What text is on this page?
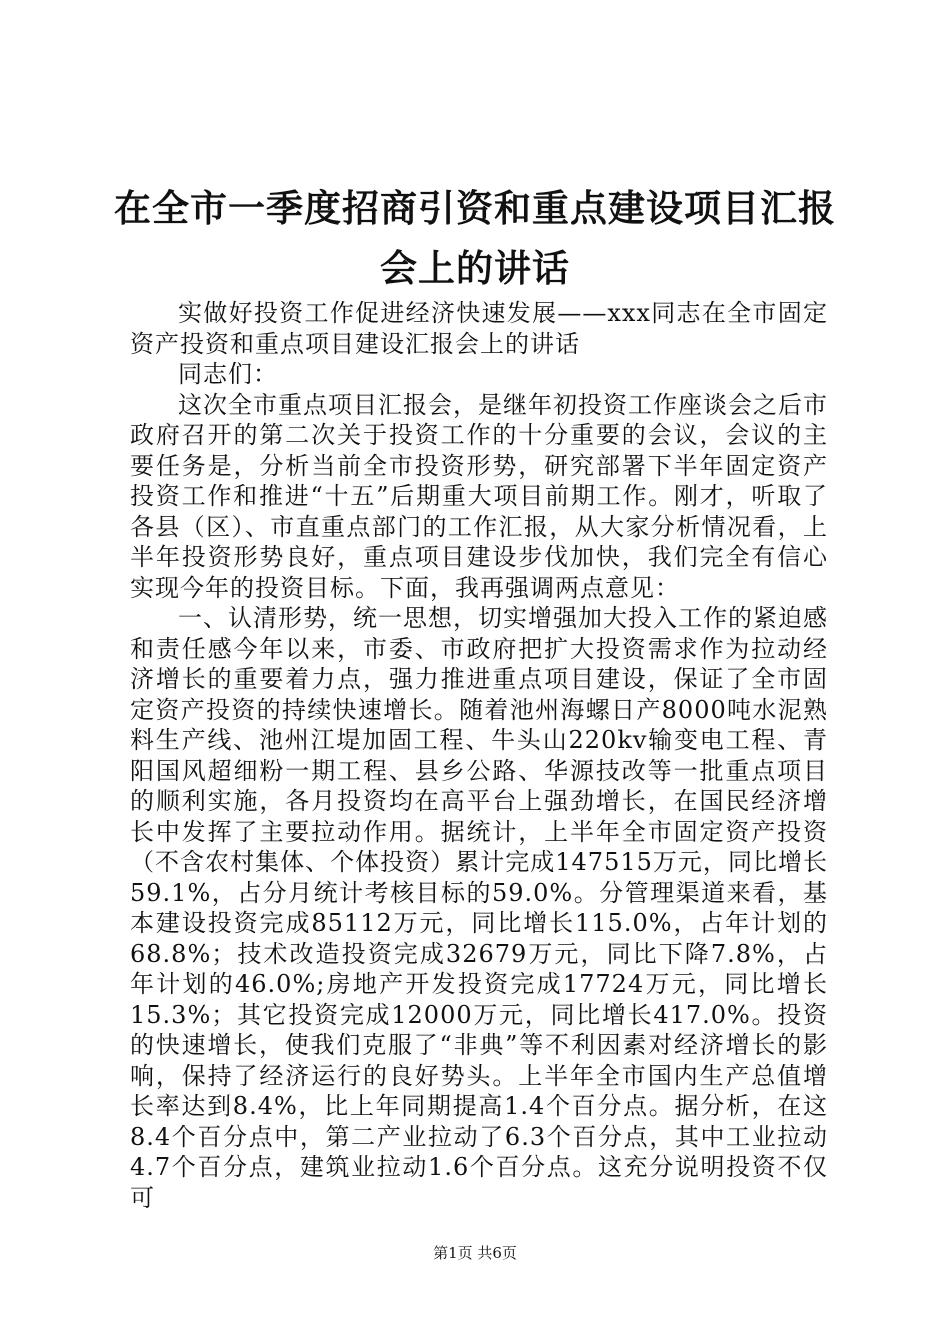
在全市一季度招商引资和重点建设项目汇报会上的讲话

实做好投资工作促进经济快速发展——xxx同志在全市固定资产投资和重点项目建设汇报会上的讲话

同志们：

这次全市重点项目汇报会，是继年初投资工作座谈会之后市政府召开的第二次关于投资工作的十分重要的会议，会议的主要任务是，分析当前全市投资形势，研究部署下半年固定资产投资工作和推进“十五”后期重大项目前期工作。刚才，听取了各县（区）、市直重点部门的工作汇报，从大家分析情况看，上半年投资形势良好，重点项目建设步伐加快，我们完全有信心实现今年的投资目标。下面，我再强调两点意见：

一、认清形势，统一思想，切实增强加大投入工作的紧迫感和责任感今年以来，市委、市政府把扩大投资需求作为拉动经济增长的重要着力点，强力推进重点项目建设，保证了全市固定资产投资的持续快速增长。随着池州海螺日产8000吨水泥熟料生产线、池州江堤加固工程、牛头山220kv输变电工程、青阳国风超细粉一期工程、县乡公路、华源技改等一批重点项目的顺利实施，各月投资均在高平台上强劲增长，在国民经济增长中发挥了主要拉动作用。据统计，上半年全市固定资产投资（不含农村集体、个体投资）累计完成147515万元，同比增长59.1%，占分月统计考核目标的59.0%。分管理渠道来看，基本建设投资完成85112万元，同比增长115.0%，占年计划的68.8%；技术改造投资完成32679万元，同比下降7.8%，占年计划的46.0%;房地产开发投资完成17724万元，同比增长15.3%；其它投资完成12000万元，同比增长417.0%。投资的快速增长，使我们克服了“非典”等不利因素对经济增长的影响，保持了经济运行的良好势头。上半年全市国内生产总值增长率达到8.4%，比上年同期提高1.4个百分点。据分析，在这8.4个百分点中，第二产业拉动了6.3个百分点，其中工业拉动4.7个百分点，建筑业拉动1.6个百分点。这充分说明投资不仅可

第1页 共6页
